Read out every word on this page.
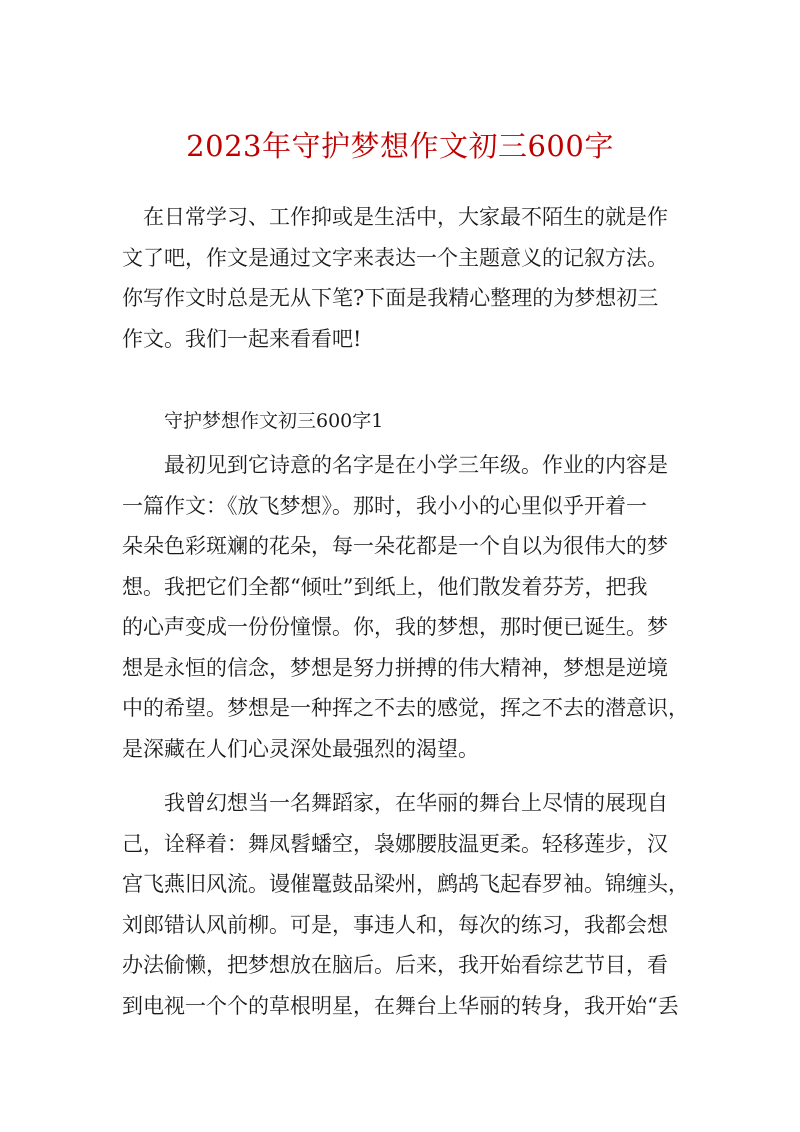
2023年守护梦想作文初三600字
　在日常学习、工作抑或是生活中，大家最不陌生的就是作
文了吧，作文是通过文字来表达一个主题意义的记叙方法。
你写作文时总是无从下笔?下面是我精心整理的为梦想初三
作文。我们一起来看看吧!
守护梦想作文初三600字1
　　最初见到它诗意的名字是在小学三年级。作业的内容是
一篇作文：《放飞梦想》。那时，我小小的心里似乎开着一
朵朵色彩斑斓的花朵，每一朵花都是一个自以为很伟大的梦
想。我把它们全都“倾吐”到纸上，他们散发着芬芳，把我
的心声变成一份份憧憬。你，我的梦想，那时便已诞生。梦
想是永恒的信念，梦想是努力拼搏的伟大精神，梦想是逆境
中的希望。梦想是一种挥之不去的感觉，挥之不去的潜意识，
是深藏在人们心灵深处最强烈的渴望。
　　我曾幻想当一名舞蹈家，在华丽的舞台上尽情的展现自
己，诠释着：舞凤髫蟠空，袅娜腰肢温更柔。轻移莲步，汉
宫飞燕旧风流。谩催鼍鼓品梁州，鹧鸪飞起春罗袖。锦缠头，
刘郎错认风前柳。可是，事违人和，每次的练习，我都会想
办法偷懒，把梦想放在脑后。后来，我开始看综艺节目，看
到电视一个个的草根明星，在舞台上华丽的转身，我开始“丢
